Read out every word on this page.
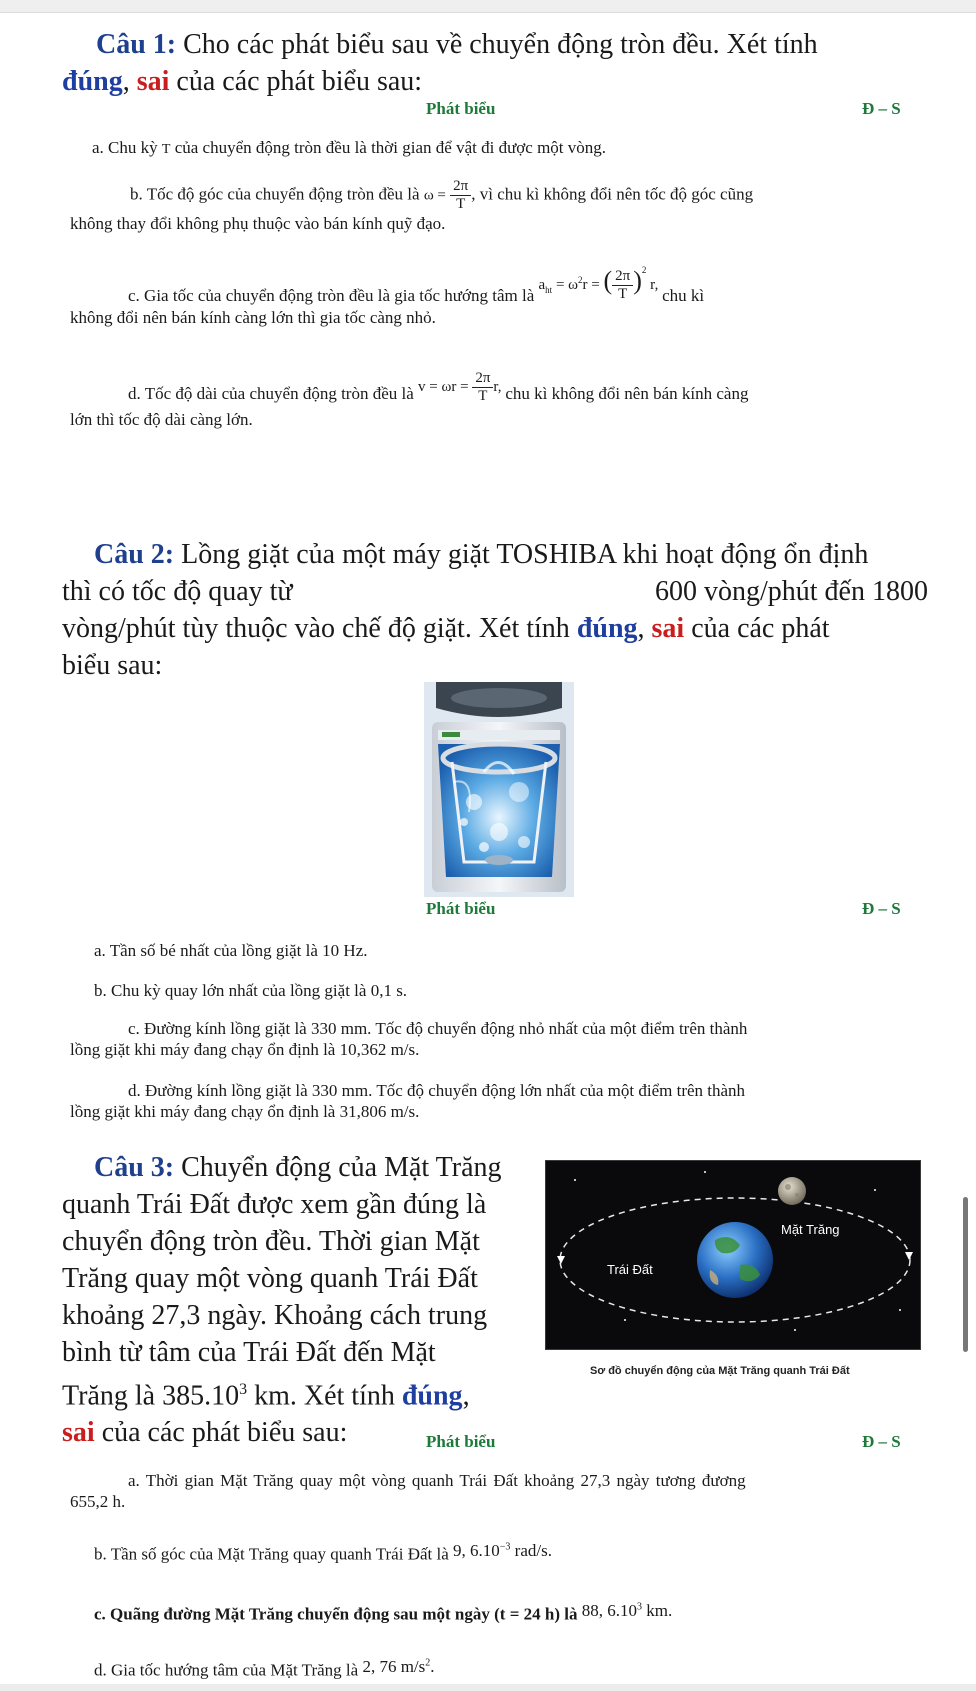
Câu 1: Cho các phát biểu sau về chuyển động tròn đều. Xét tính
đúng, sai của các phát biểu sau:
Phát biểu	Đ – S
a. Chu kỳ T của chuyển động tròn đều là thời gian để vật đi được một vòng.
b. Tốc độ góc của chuyển động tròn đều là $\omega = \frac{2\pi}{T}$ , vì chu kì không đổi nên tốc độ góc cũng
không thay đổi không phụ thuộc vào bán kính quỹ đạo.
c. Gia tốc của chuyển động tròn đều là gia tốc hướng tâm là $a_{ht} = \omega^2r$ = ( $\frac{2\pi}{T} )^2$ r, chu kì
không đổi nên bán kính càng lớn thì gia tốc càng nhỏ.
d. Tốc độ dài của chuyển động tròn đều là $v = \omega r = \frac{2\pi}{T} r$, chu kì không đổi nên bán kính càng
lớn thì tốc độ dài càng lớn.
Câu 2: Lồng giặt của một máy giặt TOSHIBA khi hoạt động ổn định
thì có tốc độ quay từ	600 vòng/phút đến 1800
vòng/phút tùy thuộc vào chế độ giặt. Xét tính đúng, sai của các phát
biểu sau:
Phát biểu	Đ – S
a. Tần số bé nhất của lồng giặt là 10 Hz.
b. Chu kỳ quay lớn nhất của lồng giặt là 0,1 s.
c. Đường kính lồng giặt là 330 mm. Tốc độ chuyển động nhỏ nhất của một điểm trên thành
lồng giặt khi máy đang chạy ổn định là 10,362 m/s.
d. Đường kính lồng giặt là 330 mm. Tốc độ chuyển động lớn nhất của một điểm trên thành
lồng giặt khi máy đang chạy ổn định là 31,806 m/s.
Câu 3: Chuyển động của Mặt Trăng
quanh Trái Đất được xem gần đúng là
chuyển động tròn đều. Thời gian Mặt
Trăng quay một vòng quanh Trái Đất
khoảng 27,3 ngày. Khoảng cách trung
bình từ tâm của Trái Đất đến Mặt
Trăng là 385.10$^3$ km. Xét tính đúng,
sai của các phát biểu sau:
Mặt Trăng
Trái Đất
Sơ đồ chuyển động của Mặt Trăng quanh Trái Đất
Phát biểu	Đ – S
a. Thời gian Mặt Trăng quay một vòng quanh Trái Đất khoảng 27,3 ngày tương đương
655,2 h.
b. Tần số góc của Mặt Trăng quay quanh Trái Đất là 9, $6.10^{-3}$ rad/s.
c. Quãng đường Mặt Trăng chuyển động sau một ngày (t = 24 h) là 88, 6.10$^3$ km.
d. Gia tốc hướng tâm của Mặt Trăng là 2, 76 $m/s^2$.
